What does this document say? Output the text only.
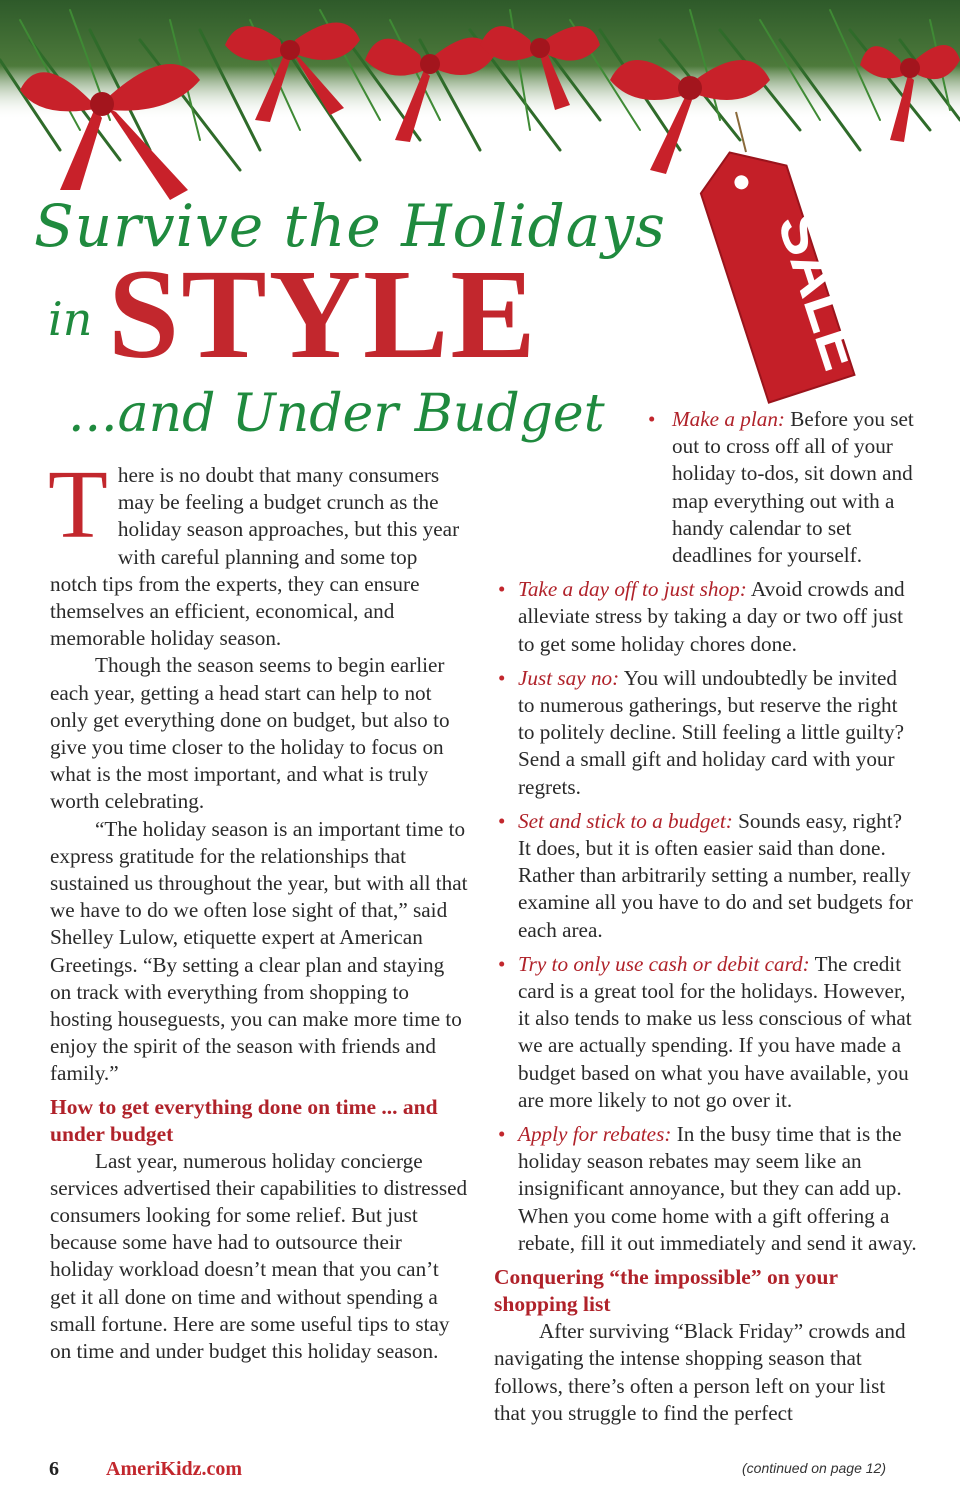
SALE
Survive the Holidays
in STYLE
...and Under Budget

There is no doubt that many consumers may be feeling a budget crunch as the holiday season approaches, but this year with careful planning and some top notch tips from the experts, they can ensure themselves an efficient, economical, and memorable holiday season.

Though the season seems to begin earlier each year, getting a head start can help to not only get everything done on budget, but also to give you time closer to the holiday to focus on what is the most important, and what is truly worth celebrating.

“The holiday season is an important time to express gratitude for the relationships that sustained us throughout the year, but with all that we have to do we often lose sight of that,” said Shelley Lulow, etiquette expert at American Greetings. “By setting a clear plan and staying on track with everything from shopping to hosting houseguests, you can make more time to enjoy the spirit of the season with friends and family.”

How to get everything done on time ... and under budget

Last year, numerous holiday concierge services advertised their capabilities to distressed consumers looking for some relief. But just because some have had to outsource their holiday workload doesn’t mean that you can’t get it all done on time and without spending a small fortune. Here are some useful tips to stay on time and under budget this holiday season.

• Make a plan: Before you set out to cross off all of your holiday to-dos, sit down and map everything out with a handy calendar to set deadlines for yourself.
• Take a day off to just shop: Avoid crowds and alleviate stress by taking a day or two off just to get some holiday chores done.
• Just say no: You will undoubtedly be invited to numerous gatherings, but reserve the right to politely decline. Still feeling a little guilty? Send a small gift and holiday card with your regrets.
• Set and stick to a budget: Sounds easy, right? It does, but it is often easier said than done. Rather than arbitrarily setting a number, really examine all you have to do and set budgets for each area.
• Try to only use cash or debit card: The credit card is a great tool for the holidays. However, it also tends to make us less conscious of what we are actually spending. If you have made a budget based on what you have available, you are more likely to not go over it.
• Apply for rebates: In the busy time that is the holiday season rebates may seem like an insignificant annoyance, but they can add up. When you come home with a gift offering a rebate, fill it out immediately and send it away.
Conquering “the impossible” on your shopping list

After surviving “Black Friday” crowds and navigating the intense shopping season that follows, there’s often a person left on your list that you struggle to find the perfect

6 AmeriKidz.com	(continued on page 12)
